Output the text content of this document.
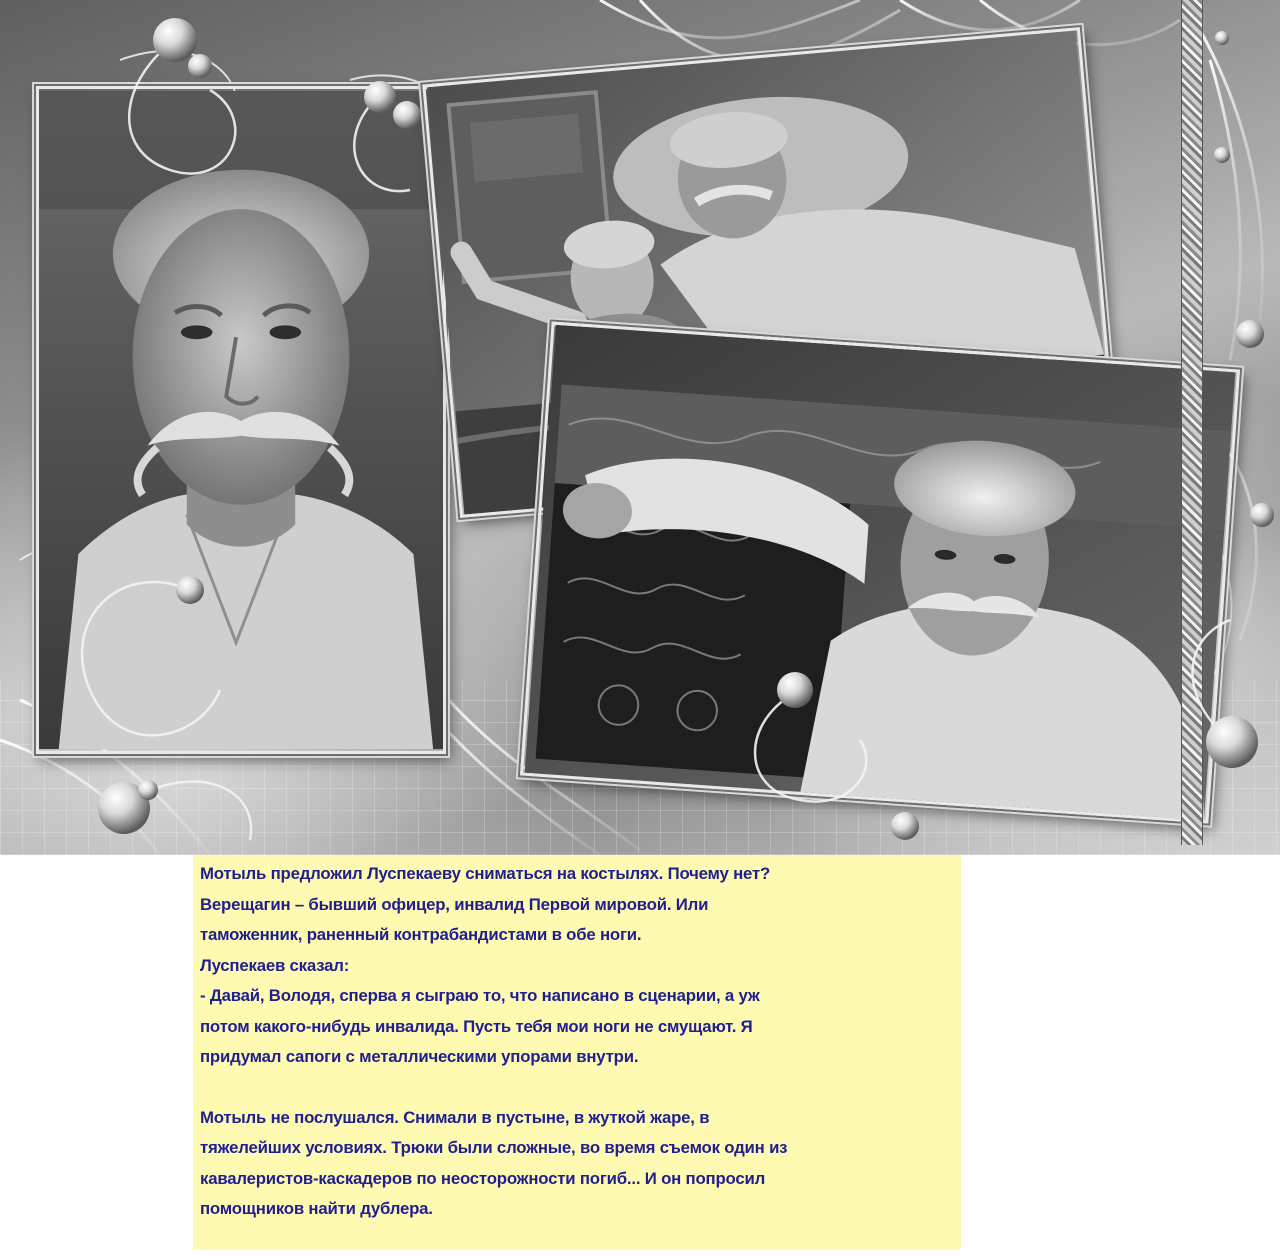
Мотыль предложил Луспекаеву сниматься на костылях. Почему нет?
Верещагин – бывший офицер, инвалид Первой мировой. Или
таможенник, раненный контрабандистами в обе ноги.
Луспекаев сказал:
- Давай, Володя, сперва я сыграю то, что написано в сценарии, а уж
потом какого-нибудь инвалида. Пусть тебя мои ноги не смущают. Я
придумал сапоги с металлическими упорами внутри.

Мотыль не послушался. Снимали в пустыне, в жуткой жаре, в
тяжелейших условиях. Трюки были сложные, во время съемок один из
кавалеристов-каскадеров по неосторожности погиб... И он попросил
помощников найти дублера.
